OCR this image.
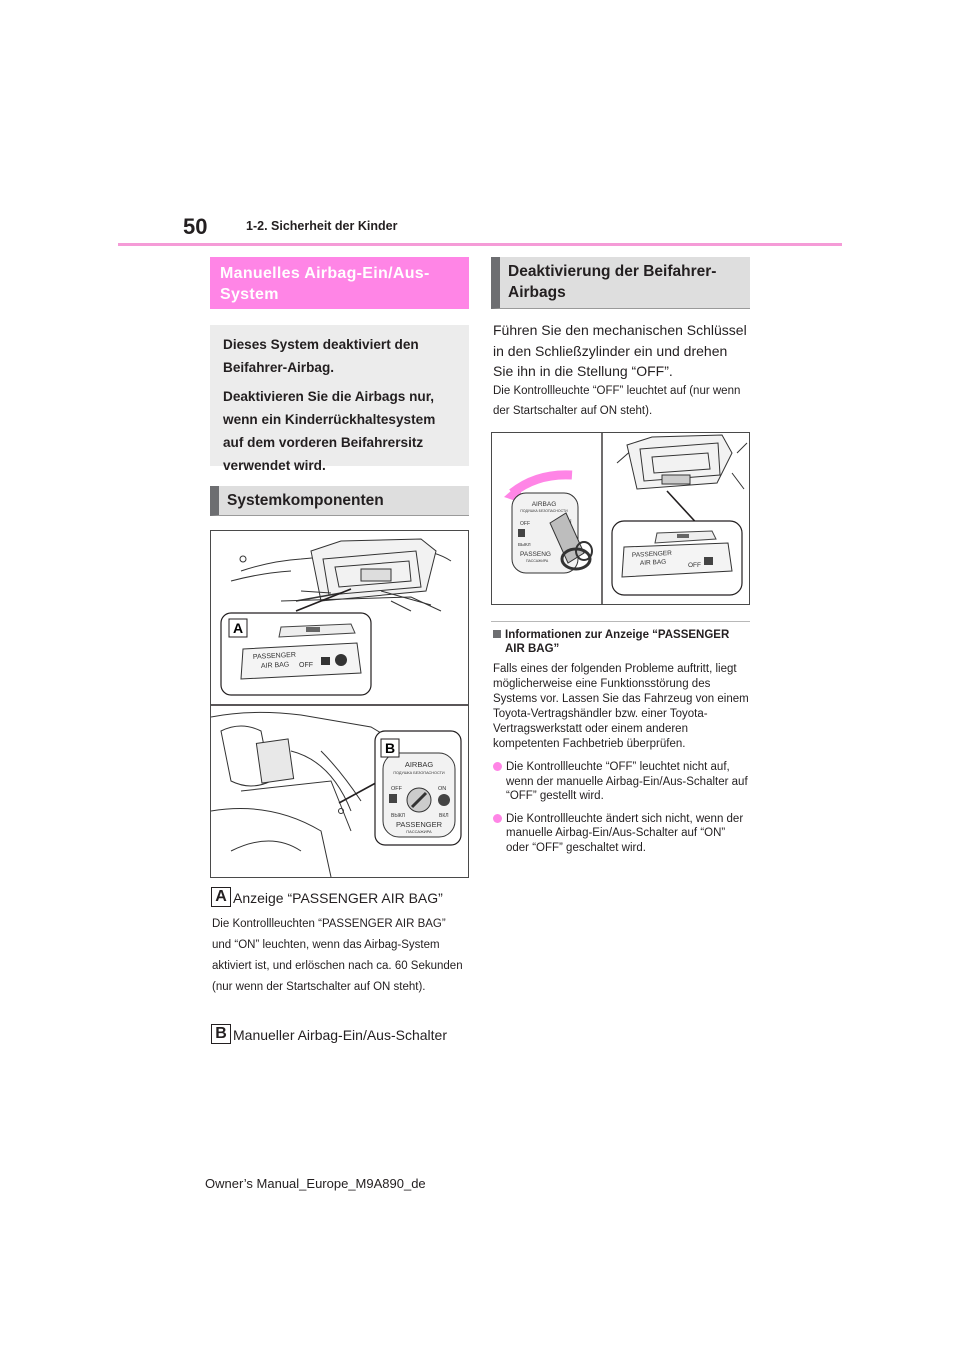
50	1-2. Sicherheit der Kinder
Manuelles Airbag-Ein/Aus-System

Dieses System deaktiviert den Beifahrer-Airbag.

Deaktivieren Sie die Airbags nur, wenn ein Kinderrückhaltesystem auf dem vorderen Beifahrersitz verwendet wird.

Systemkomponenten
PASSENGER
AIR BAG OFF
A
AIRBAG
ПОДУШКА БЕЗОПАСНОСТИ
OFF	ON
ВЫКЛ	ВКЛ
PASSENGER
ПАССАЖИРА
B
A Anzeige “PASSENGER AIR BAG”
Die Kontrollleuchten “PASSENGER AIR BAG” und “ON” leuchten, wenn das Airbag-System aktiviert ist, und erlöschen nach ca. 60 Sekunden (nur wenn der Startschalter auf ON steht).
B Manueller Airbag-Ein/Aus-Schalter
Deaktivierung der Beifahrer-Airbags
Führen Sie den mechanischen Schlüssel in den Schließzylinder ein und drehen Sie ihn in die Stellung “OFF”.
Die Kontrollleuchte “OFF” leuchtet auf (nur wenn der Startschalter auf ON steht).
AIRBAG
ПОДУШКА БЕЗОПАСНОСТИ
OFF
ВЫКЛ
PASSENG
ПАССАЖИРА
PASSENGER
AIR BAG	OFF
Informationen zur Anzeige “PASSENGER AIR BAG”
Falls eines der folgenden Probleme auftritt, liegt möglicherweise eine Funktionsstörung des Systems vor. Lassen Sie das Fahrzeug von einem Toyota-Vertragshändler bzw. einer Toyota-Vertragswerkstatt oder einem anderen kompetenten Fachbetrieb überprüfen.
Die Kontrollleuchte “OFF” leuchtet nicht auf, wenn der manuelle Airbag-Ein/Aus-Schalter auf “OFF” gestellt wird.
Die Kontrollleuchte ändert sich nicht, wenn der manuelle Airbag-Ein/Aus-Schalter auf “ON” oder “OFF” geschaltet wird.
Owner’s Manual_Europe_M9A890_de
